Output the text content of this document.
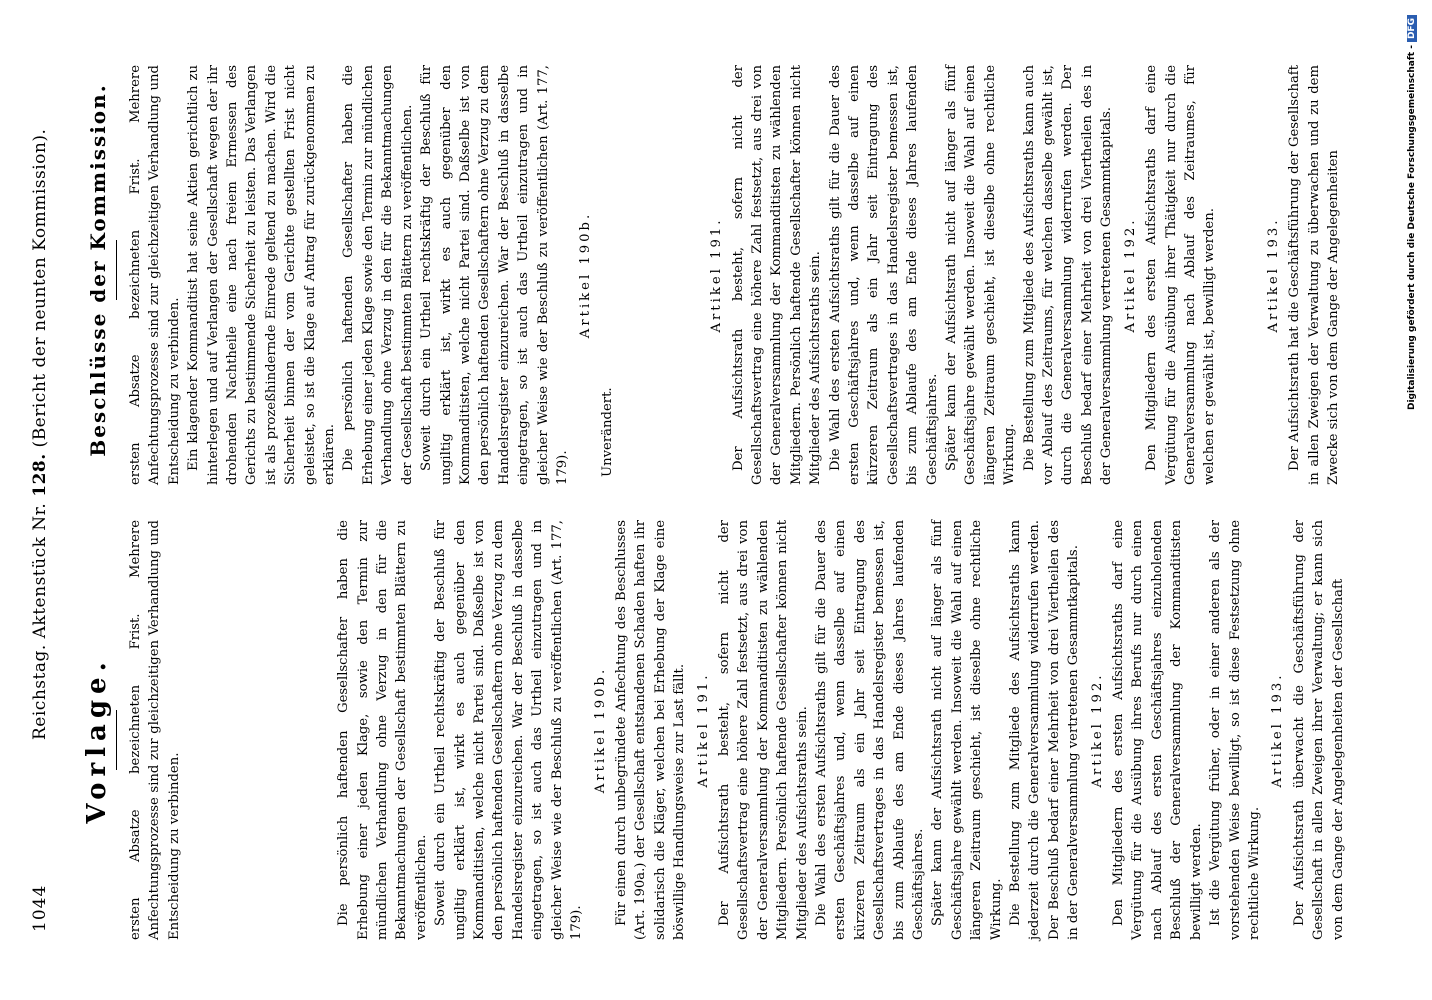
1044
Reichstag. Aktenstück Nr. 128. (Bericht der neunten Kommission).
Vorlage. ersten Absatze bezeichneten Frist. Mehrere Anfechtungsprozesse sind zur gleichzeitigen Verhandlung und Entscheidung zu verbinden.	Die persönlich haftenden Gesellschafter haben die Erhebung einer jeden Klage, sowie den Termin zur mündlichen Verhandlung ohne Verzug in den für die Bekanntmachungen der Gesellschaft bestimmten Blättern zu veröffentlichen. Soweit durch ein Urtheil rechtskräftig der Beschluß für ungiltig erklärt ist, wirkt es auch gegenüber den Kommanditisten, welche nicht Partei sind. Daßselbe ist von den persönlich haftenden Gesellschaftern ohne Verzug zu dem Handelsregister einzureichen. War der Beschluß in dasselbe eingetragen, so ist auch das Urtheil einzutragen und in gleicher Weise wie der Beschluß zu veröffentlichen (Art. 177, 179).

Artikel 190b. Für einen durch unbegründete Anfechtung des Beschlusses (Art. 190a.) der Gesellschaft entstandenen Schaden haften ihr solidarisch die Kläger, welchen bei Erhebung der Klage eine böswillige Handlungsweise zur Last fällt. Artikel 191. Der Aufsichtsrath besteht, sofern nicht der Gesellschaftsvertrag eine höhere Zahl festsetzt, aus drei von der Generalversammlung der Kommanditisten zu wählenden Mitgliedern. Persönlich haftende Gesellschafter können nicht Mitglieder des Aufsichtsraths sein. Die Wahl des ersten Aufsichtsraths gilt für die Dauer des ersten Geschäftsjahres und, wenn dasselbe auf einen kürzeren Zeitraum als ein Jahr seit Eintragung des Gesellschaftsvertrages in das Handelsregister bemessen ist, bis zum Ablaufe des am Ende dieses Jahres laufenden Geschäftsjahres. Später kann der Aufsichtsrath nicht auf länger als fünf Geschäftsjahre gewählt werden. Insoweit die Wahl auf einen längeren Zeitraum geschieht, ist dieselbe ohne rechtliche Wirkung. Die Bestellung zum Mitgliede des Aufsichtsraths kann jederzeit durch die Generalversammlung widerrufen werden. Der Beschluß bedarf einer Mehrheit von drei Viertheilen des in der Generalversammlung vertretenen Gesammtkapitals. Artikel 192. Den Mitgliedern des ersten Aufsichtsraths darf eine Vergütung für die Ausübung ihres Berufs nur durch einen nach Ablauf des ersten Geschäftsjahres einzuholenden Beschluß der Generalversammlung der Kommanditisten bewilligt werden. Ist die Vergütung früher, oder in einer anderen als der vorstehenden Weise bewilligt, so ist diese Festsetzung ohne rechtliche Wirkung.

Artikel 193. Der Aufsichtsrath überwacht die Geschäftsführung der Gesellschaft in allen Zweigen ihrer Verwaltung; er kann sich von dem Gange der Angelegenheiten der Gesellschaft

Beschlüsse der Kommission. ersten Absatze bezeichneten Frist. Mehrere Anfechtungsprozesse sind zur gleichzeitigen Verhandlung und Entscheidung zu verbinden. Ein klagender Kommanditist hat seine Aktien gerichtlich zu hinterlegen und auf Verlangen der Gesellschaft wegen der ihr drohenden Nachtheile eine nach freiem Ermessen des Gerichts zu bestimmende Sicherheit zu leisten. Das Verlangen ist als prozeßhindernde Einrede geltend zu machen. Wird die Sicherheit binnen der vom Gerichte gestellten Frist nicht geleistet, so ist die Klage auf Antrag für zurückgenommen zu erklären. Die persönlich haftenden Gesellschafter haben die Erhebung einer jeden Klage sowie den Termin zur mündlichen Verhandlung ohne Verzug in den für die Bekanntmachungen der Gesellschaft bestimmten Blättern zu veröffentlichen. Soweit durch ein Urtheil rechtskräftig der Beschluß für ungiltig erklärt ist, wirkt es auch gegenüber den Kommanditisten, welche nicht Partei sind. Daßselbe ist von den persönlich haftenden Gesellschaftern ohne Verzug zu dem Handelsregister einzureichen. War der Beschluß in dasselbe eingetragen, so ist auch das Urtheil einzutragen und in gleicher Weise wie der Beschluß zu veröffentlichen (Art. 177, 179).

Artikel 190b.

Unverändert.

Artikel 191. Der Aufsichtsrath besteht, sofern nicht der Gesellschaftsvertrag eine höhere Zahl festsetzt, aus drei von der Generalversammlung der Kommanditisten zu wählenden Mitgliedern. Persönlich haftende Gesellschafter können nicht Mitglieder des Aufsichtsraths sein. Die Wahl des ersten Aufsichtsraths gilt für die Dauer des ersten Geschäftsjahres und, wenn dasselbe auf einen kürzeren Zeitraum als ein Jahr seit Eintragung des Gesellschaftsvertrages in das Handelsregister bemessen ist, bis zum Ablaufe des am Ende dieses Jahres laufenden Geschäftsjahres. Später kann der Aufsichtsrath nicht auf länger als fünf Geschäftsjahre gewählt werden. Insoweit die Wahl auf einen längeren Zeitraum geschieht, ist dieselbe ohne rechtliche Wirkung. Die Bestellung zum Mitgliede des Aufsichtsraths kann auch vor Ablauf des Zeitraums, für welchen dasselbe gewählt ist, durch die Generalversammlung widerrufen werden. Der Beschluß bedarf einer Mehrheit von drei Viertheilen des in der Generalversammlung vertretenen Gesammtkapitals. Artikel 192. Den Mitgliedern des ersten Aufsichtsraths darf eine Vergütung für die Ausübung ihrer Thätigkeit nur durch die Generalversammlung nach Ablauf des Zeitraumes, für welchen er gewählt ist, bewilligt werden.	Artikel 193. Der Aufsichtsrath hat die Geschäftsführung der Gesellschaft in allen Zweigen der Verwaltung zu überwachen und zu dem Zwecke sich von dem Gange der Angelegenheiten	Digitalisierung gefördert durch die Deutsche Forschungsgemeinschaft -DFG
